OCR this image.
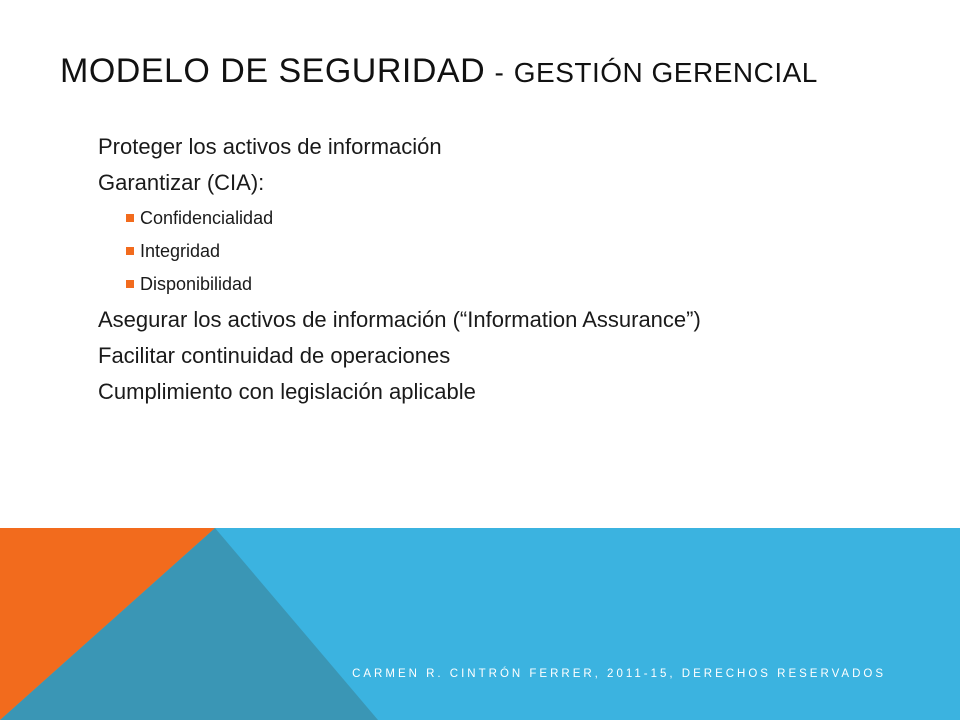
MODELO DE SEGURIDAD - GESTIÓN GERENCIAL
Proteger los activos de información
Garantizar (CIA):
Confidencialidad
Integridad
Disponibilidad
Asegurar los activos de información (“Information Assurance”)
Facilitar continuidad de operaciones
Cumplimiento con legislación aplicable
CARMEN R. CINTRÓN FERRER, 2011-15, DERECHOS RESERVADOS
